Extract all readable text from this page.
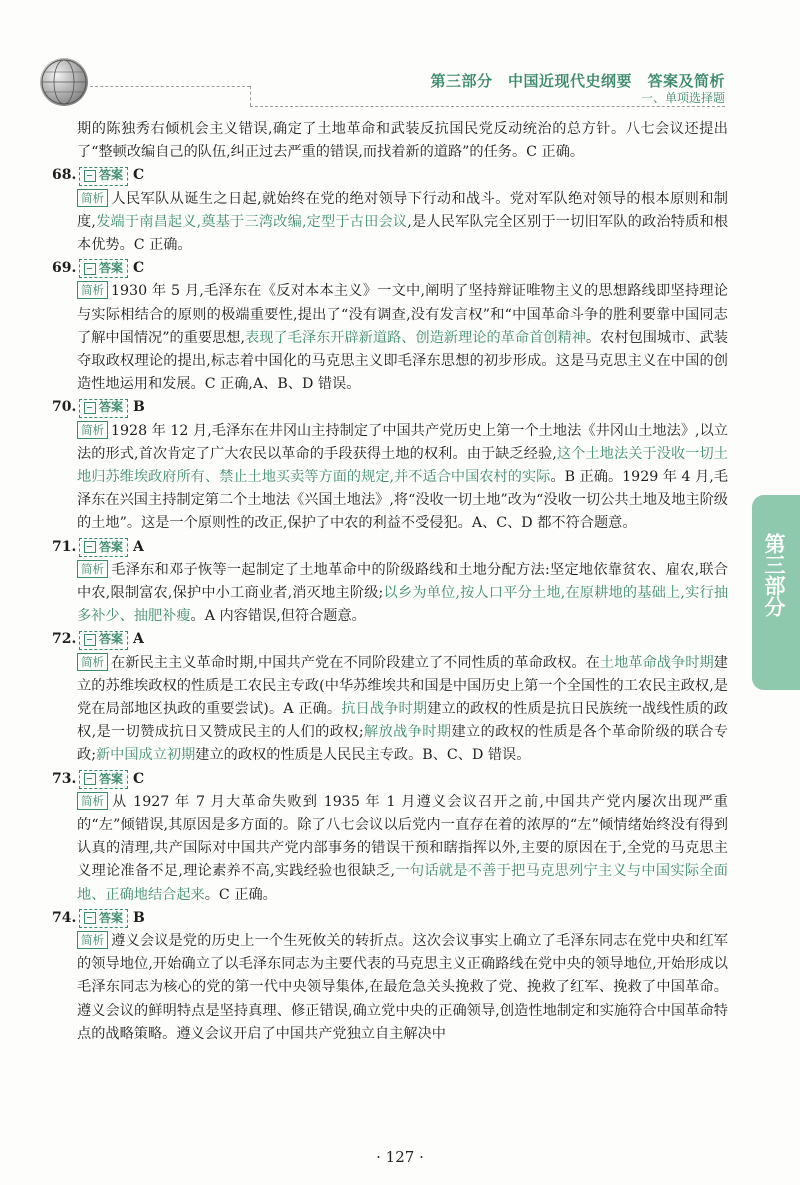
第三部分　中国近现代史纲要　答案及简析
一、单项选择题
第三部分

期的陈独秀右倾机会主义错误,确定了土地革命和武装反抗国民党反动统治的总方针。八七会议还提出了“整顿改编自己的队伍,纠正过去严重的错误,而找着新的道路”的任务。C 正确。

68. 答案 C

简析 人民军队从诞生之日起,就始终在党的绝对领导下行动和战斗。党对军队绝对领导的根本原则和制度,发端于南昌起义,奠基于三湾改编,定型于古田会议,是人民军队完全区别于一切旧军队的政治特质和根本优势。C 正确。

69. 答案 C

简析 1930 年 5 月,毛泽东在《反对本本主义》一文中,阐明了坚持辩证唯物主义的思想路线即坚持理论与实际相结合的原则的极端重要性,提出了“没有调查,没有发言权”和“中国革命斗争的胜利要靠中国同志了解中国情况”的重要思想,表现了毛泽东开辟新道路、创造新理论的革命首创精神。农村包围城市、武装夺取政权理论的提出,标志着中国化的马克思主义即毛泽东思想的初步形成。这是马克思主义在中国的创造性地运用和发展。C 正确,A、B、D 错误。

70. 答案 B

简析 1928 年 12 月,毛泽东在井冈山主持制定了中国共产党历史上第一个土地法《井冈山土地法》,以立法的形式,首次肯定了广大农民以革命的手段获得土地的权利。由于缺乏经验,这个土地法关于没收一切土地归苏维埃政府所有、禁止土地买卖等方面的规定,并不适合中国农村的实际。B 正确。1929 年 4 月,毛泽东在兴国主持制定第二个土地法《兴国土地法》,将“没收一切土地”改为“没收一切公共土地及地主阶级的土地”。这是一个原则性的改正,保护了中农的利益不受侵犯。A、C、D 都不符合题意。

71. 答案 A

简析 毛泽东和邓子恢等一起制定了土地革命中的阶级路线和土地分配方法:坚定地依靠贫农、雇农,联合中农,限制富农,保护中小工商业者,消灭地主阶级;以乡为单位,按人口平分土地,在原耕地的基础上,实行抽多补少、抽肥补瘦。A 内容错误,但符合题意。

72. 答案 A

简析 在新民主主义革命时期,中国共产党在不同阶段建立了不同性质的革命政权。在土地革命战争时期建立的苏维埃政权的性质是工农民主专政(中华苏维埃共和国是中国历史上第一个全国性的工农民主政权,是党在局部地区执政的重要尝试)。A 正确。抗日战争时期建立的政权的性质是抗日民族统一战线性质的政权,是一切赞成抗日又赞成民主的人们的政权;解放战争时期建立的政权的性质是各个革命阶级的联合专政;新中国成立初期建立的政权的性质是人民民主专政。B、C、D 错误。

73. 答案 C

简析 从 1927 年 7 月大革命失败到 1935 年 1 月遵义会议召开之前,中国共产党内屡次出现严重的“左”倾错误,其原因是多方面的。除了八七会议以后党内一直存在着的浓厚的“左”倾情绪始终没有得到认真的清理,共产国际对中国共产党内部事务的错误干预和瞎指挥以外,主要的原因在于,全党的马克思主义理论准备不足,理论素养不高,实践经验也很缺乏,一句话就是不善于把马克思列宁主义与中国实际全面地、正确地结合起来。C 正确。

74. 答案 B

简析 遵义会议是党的历史上一个生死攸关的转折点。这次会议事实上确立了毛泽东同志在党中央和红军的领导地位,开始确立了以毛泽东同志为主要代表的马克思主义正确路线在党中央的领导地位,开始形成以毛泽东同志为核心的党的第一代中央领导集体,在最危急关头挽救了党、挽救了红军、挽救了中国革命。遵义会议的鲜明特点是坚持真理、修正错误,确立党中央的正确领导,创造性地制定和实施符合中国革命特点的战略策略。遵义会议开启了中国共产党独立自主解决中

· 127 ·
